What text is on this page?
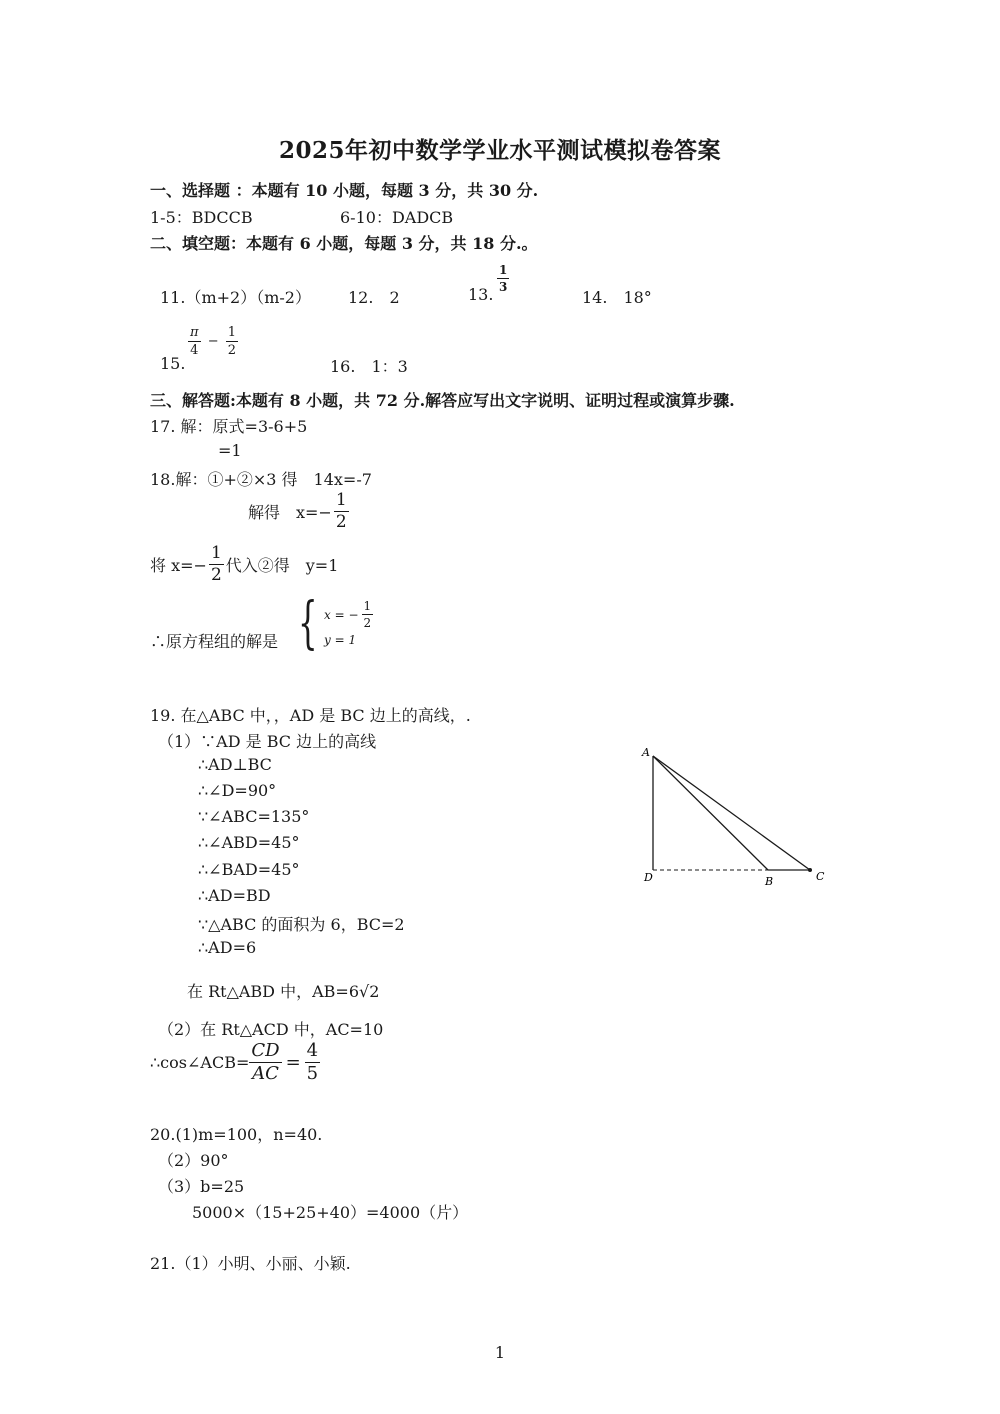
2025年初中数学学业水平测试模拟卷答案
一、选择题 ：本题有 10 小题，每题 3 分，共 30 分.
1-5：BDCCB	6-10：DADCB
二、填空题：本题有 6 小题，每题 3 分，共 18 分.。
11.（m+2）（m-2） 12.　2	13.
$\frac{1}{3}$
14.　18°
15.
$\frac{\pi}{4} - \frac{1}{2}$
16.　1：3
三、解答题:本题有 8 小题，共 72 分.解答应写出文字说明、证明过程或演算步骤.
17. 解：原式=3-6+5
=1
18.解：①+②×3 得　14x=-7
解得　$x=- \frac{1}{2}$
将 $x=- \frac{1}{2}$ 代入②得　y=1
∴原方程组的解是 { x = − $\frac{1}{2}$
y = 1
19. 在△ABC 中，，AD 是 BC 边上的高线，.
（1）∵AD 是 BC 边上的高线
∴AD⊥BC
∴∠D=90°
∵∠ABC=135°
∴∠ABD=45°
∴∠BAD=45°
∴AD=BD
∵△ABC 的面积为 6，BC=2
∴AD=6
在 Rt△ABD 中，AB=6√2
（2）在 Rt△ACD 中，AC=10
∴cos∠ACB= $\frac{CD}{AC} = \frac{4}{5}$
20.(1)m=100，n=40.
（2）90°
（3）b=25
5000×（15+25+40）=4000（片）
21.（1）小明、小丽、小颖.
A
D	B	C
1
